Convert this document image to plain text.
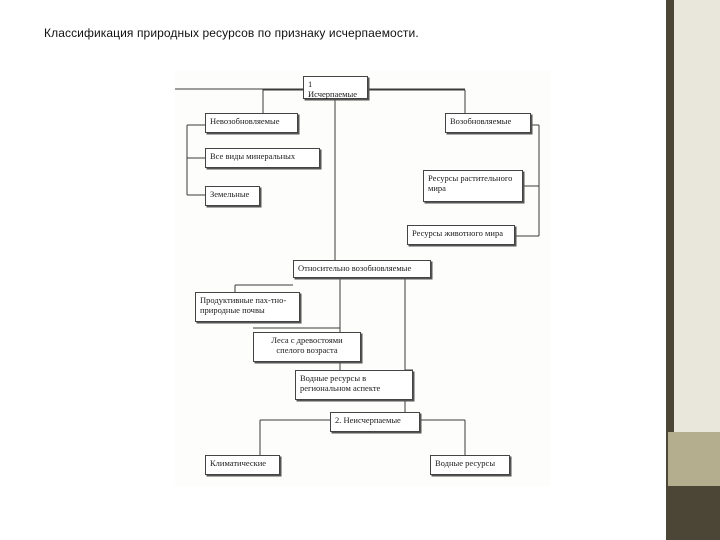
Классификация природных ресурсов по признаку исчерпаемости.
1 Исчерпаемые
Невозобновляемые
Все виды минеральных
Земельные
Возобновляемые
Ресурсы растительного мира
Ресурсы животного мира
Относительно возобновляемые
Продуктивные пах-тно-природные почвы
Леса с древостоями спелого возраста
Водные ресурсы в региональном аспекте
2. Неисчерпаемые
Климатические	Водные ресурсы
